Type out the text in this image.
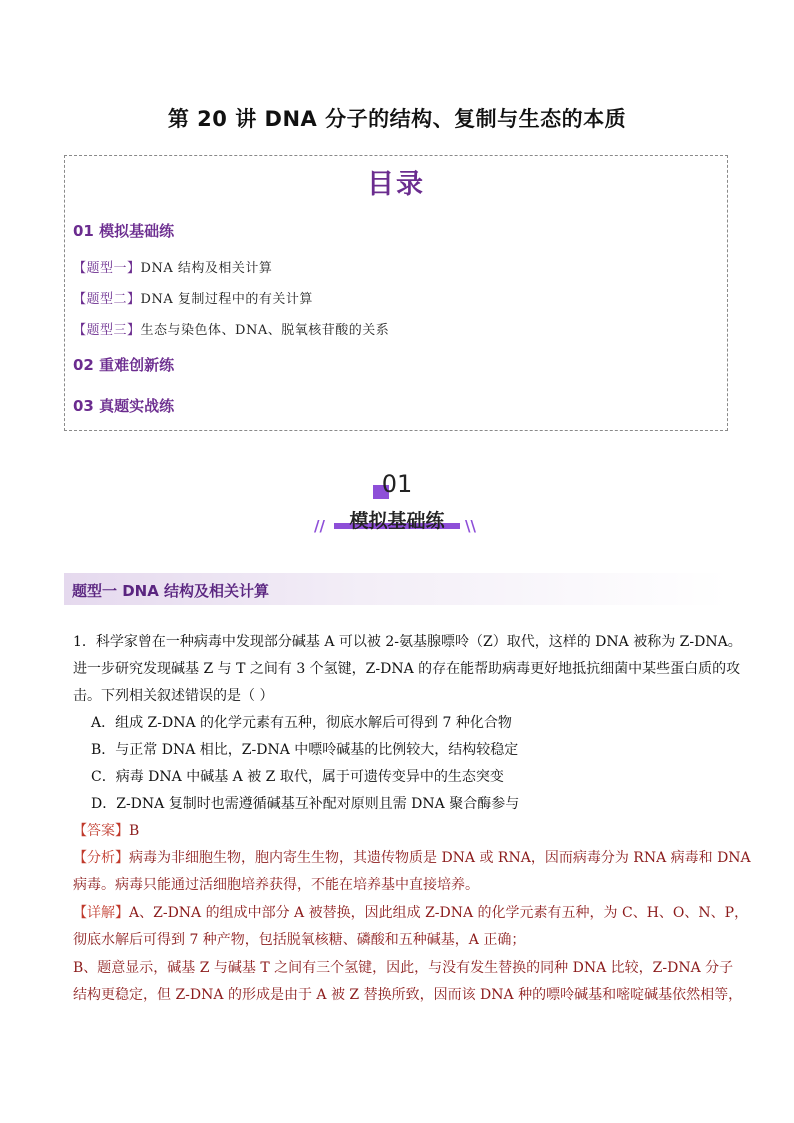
第 20 讲 DNA 分子的结构、复制与生态的本质
目录
01 模拟基础练
【题型一】DNA 结构及相关计算
【题型二】DNA 复制过程中的有关计算
【题型三】生态与染色体、DNA、脱氧核苷酸的关系
02 重难创新练
03 真题实战练
01
模拟基础练
//	\\
题型一 DNA 结构及相关计算
1．科学家曾在一种病毒中发现部分碱基 A 可以被 2-氨基腺嘌呤（Z）取代，这样的 DNA 被称为 Z-DNA。
进一步研究发现碱基 Z 与 T 之间有 3 个氢键，Z-DNA 的存在能帮助病毒更好地抵抗细菌中某些蛋白质的攻
击。下列相关叙述错误的是（ ）
A．组成 Z-DNA 的化学元素有五种，彻底水解后可得到 7 种化合物
B．与正常 DNA 相比，Z-DNA 中嘌呤碱基的比例较大，结构较稳定
C．病毒 DNA 中碱基 A 被 Z 取代，属于可遗传变异中的生态突变
D．Z-DNA 复制时也需遵循碱基互补配对原则且需 DNA 聚合酶参与
【答案】B
【分析】病毒为非细胞生物，胞内寄生生物，其遗传物质是 DNA 或 RNA，因而病毒分为 RNA 病毒和 DNA
病毒。病毒只能通过活细胞培养获得，不能在培养基中直接培养。
【详解】A、Z-DNA 的组成中部分 A 被替换，因此组成 Z-DNA 的化学元素有五种，为 C、H、O、N、P，
彻底水解后可得到 7 种产物，包括脱氧核糖、磷酸和五种碱基，A 正确；
B、题意显示，碱基 Z 与碱基 T 之间有三个氢键，因此，与没有发生替换的同种 DNA 比较，Z-DNA 分子
结构更稳定，但 Z-DNA 的形成是由于 A 被 Z 替换所致，因而该 DNA 种的嘌呤碱基和嘧啶碱基依然相等，
